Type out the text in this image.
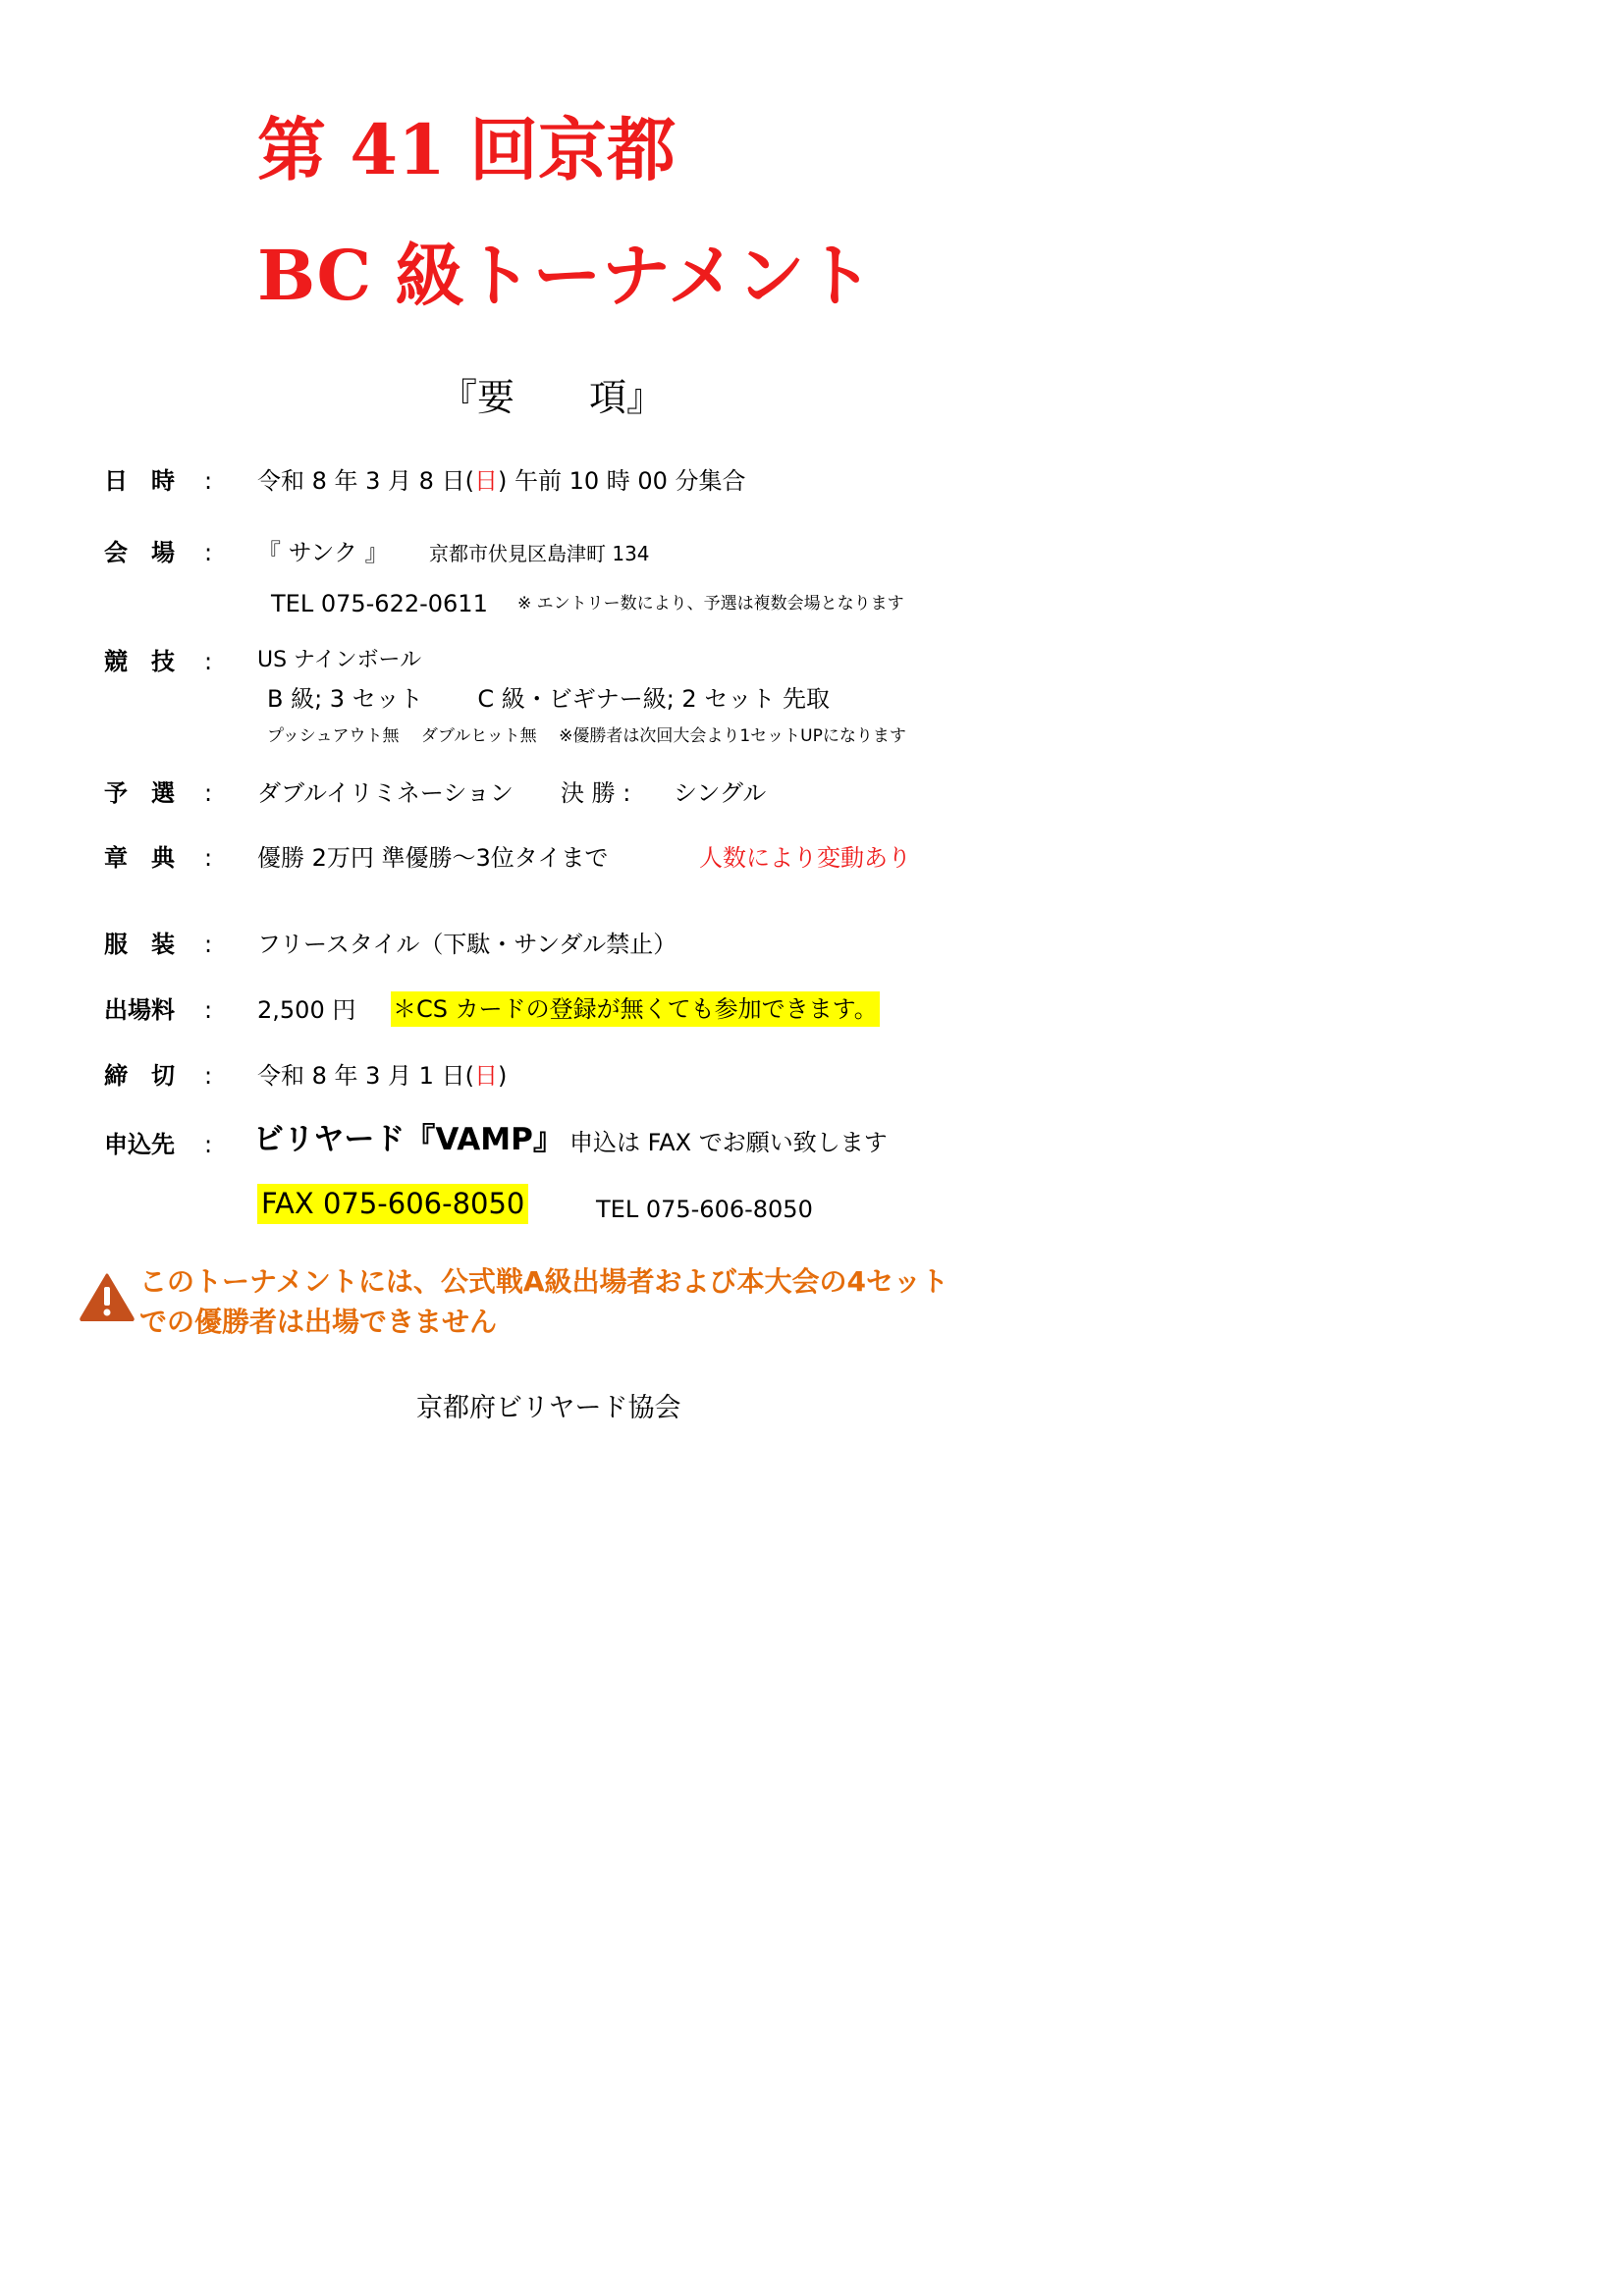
第 41 回京都
BC 級トーナメント
『要　　項』
日　時 : 令和 8 年 3 月 8 日(日) 午前 10 時 00 分集合
会　場 : 『 サンク 』 京都市伏見区島津町 134
TEL 075-622-0611 ※ エントリー数により、予選は複数会場となります
競　技 : US ナインボール
B 級; 3 セット　　 C 級・ビギナー級; 2 セット 先取
プッシュアウト無　 ダブルヒット無　 ※優勝者は次回大会より1セットUPになります
予　選 : ダブルイリミネーション 決 勝 : シングル
章　典 : 優勝 2万円 準優勝～3位タイまで	人数により変動あり
服　装 : フリースタイル（下駄・サンダル禁止）
出場料 : 2,500 円 ＊CS カードの登録が無くても参加できます。
締　切 : 令和 8 年 3 月 1 日(日)
申込先 : ビリヤード『VAMP』 申込は FAX でお願い致します
FAX 075-606-8050	TEL 075-606-8050
このトーナメントには、公式戦A級出場者および本大会の4セット
での優勝者は出場できません
京都府ビリヤード協会
